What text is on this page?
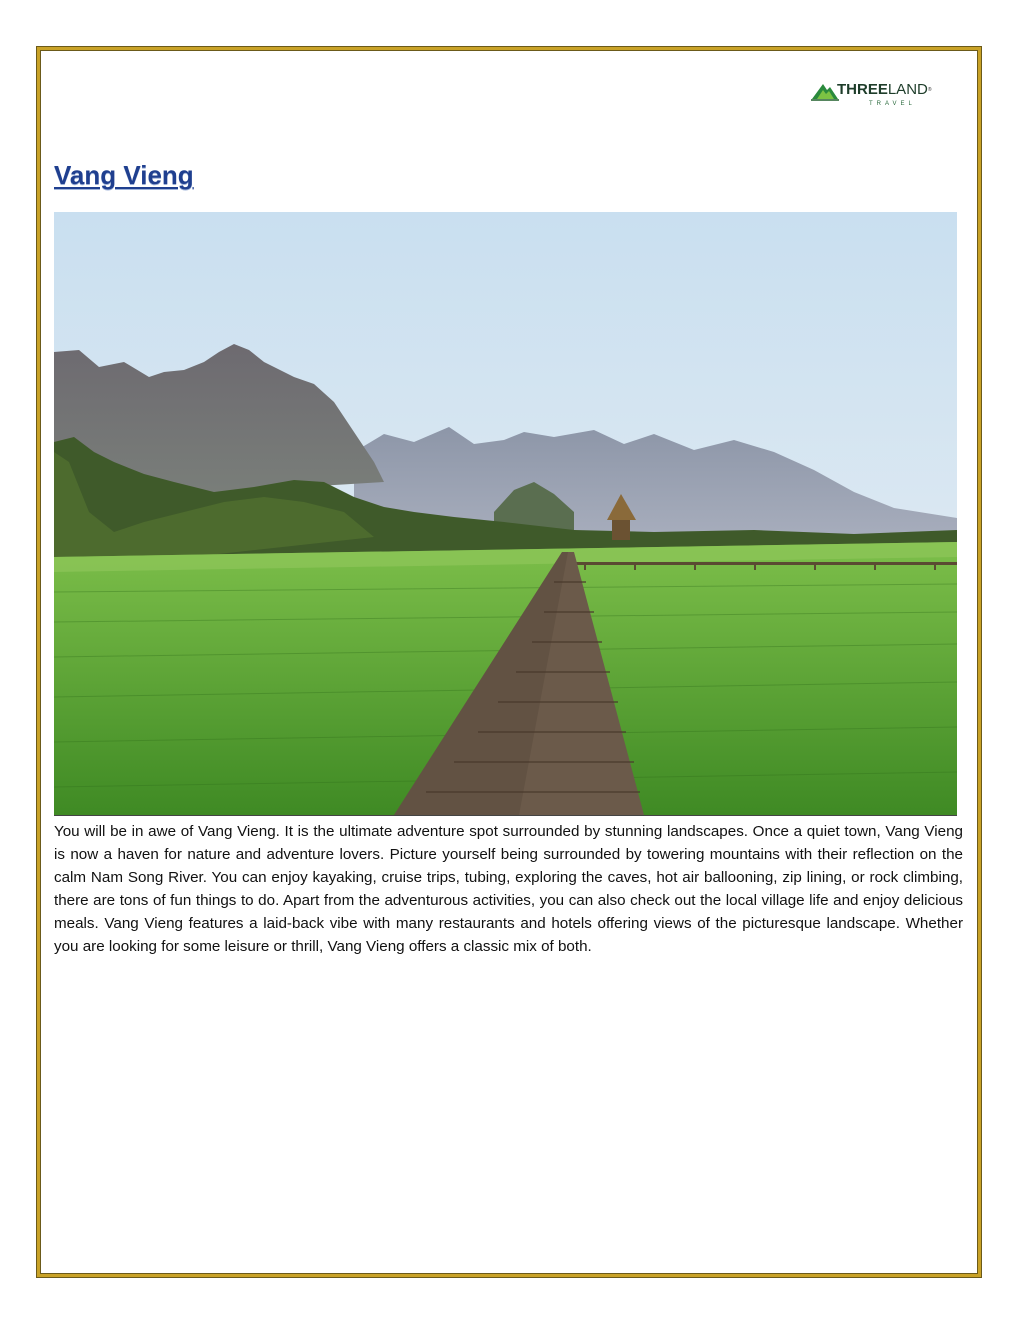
THREELAND®
TRAVEL
Vang Vieng

You will be in awe of Vang Vieng. It is the ultimate adventure spot surrounded by stunning landscapes. Once a quiet town, Vang Vieng is now a haven for nature and adventure lovers. Picture yourself being surrounded by towering mountains with their reflection on the calm Nam Song River. You can enjoy kayaking, cruise trips, tubing, exploring the caves, hot air ballooning, zip lining, or rock climbing, there are tons of fun things to do. Apart from the adventurous activities, you can also check out the local village life and enjoy delicious meals. Vang Vieng features a laid-back vibe with many restaurants and hotels offering views of the picturesque landscape. Whether you are looking for some leisure or thrill, Vang Vieng offers a classic mix of both.
